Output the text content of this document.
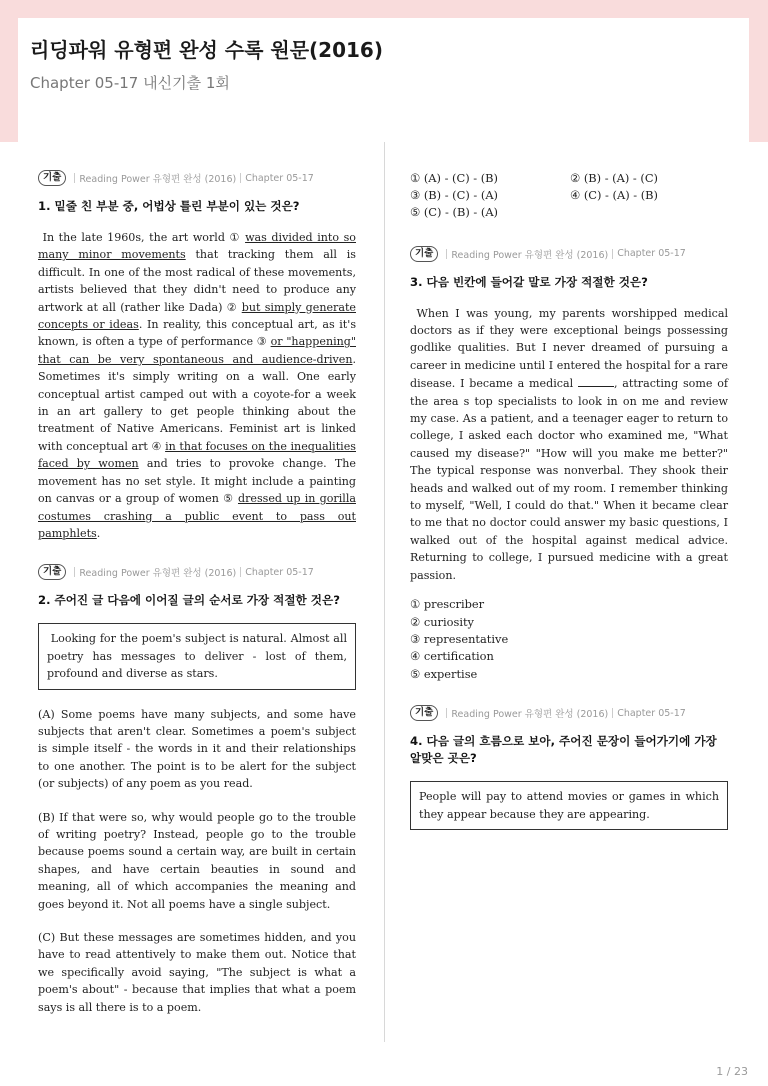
리딩파워 유형편 완성 수록 원문(2016)

Chapter 05-17 내신기출 1회

기출	Reading Power 유형편 완성 (2016) Chapter 05-17
1. 밑줄 친 부분 중, 어법상 틀린 부분이 있는 것은?

In the late 1960s, the art world ① was divided into so many minor movements that tracking them all is difficult. In one of the most radical of these movements, artists believed that they didn't need to produce any artwork at all (rather like Dada) ② but simply generate concepts or ideas. In reality, this conceptual art, as it's known, is often a type of performance ③ or "happening" that can be very spontaneous and audience-driven. Sometimes it's simply writing on a wall. One early conceptual artist camped out with a coyote-for a week in an art gallery to get people thinking about the treatment of Native Americans. Feminist art is linked with conceptual art ④ in that focuses on the inequalities faced by women and tries to provoke change. The movement has no set style. It might include a painting on canvas or a group of women ⑤ dressed up in gorilla costumes crashing a public event to pass out pamphlets.

기출	Reading Power 유형편 완성 (2016) Chapter 05-17
2. 주어진 글 다음에 이어질 글의 순서로 가장 적절한 것은?
Looking for the poem's subject is natural. Almost all poetry has messages to deliver - lost of them, profound and diverse as stars.

(A) Some poems have many subjects, and some have subjects that aren't clear. Sometimes a poem's subject is simple itself - the words in it and their relationships to one another. The point is to be alert for the subject (or subjects) of any poem as you read.

(B) If that were so, why would people go to the trouble of writing poetry? Instead, people go to the trouble because poems sound a certain way, are built in certain shapes, and have certain beauties in sound and meaning, all of which accompanies the meaning and goes beyond it. Not all poems have a single subject.

(C) But these messages are sometimes hidden, and you have to read attentively to make them out. Notice that we specifically avoid saying, "The subject is what a poem's about" - because that implies that what a poem says is all there is to a poem.

① (A) - (C) - (B)	② (B) - (A) - (C)
③ (B) - (C) - (A)	④ (C) - (A) - (B)
⑤ (C) - (B) - (A)
기출	Reading Power 유형편 완성 (2016) Chapter 05-17
3. 다음 빈칸에 들어갈 말로 가장 적절한 것은?

When I was young, my parents worshipped medical doctors as if they were exceptional beings possessing godlike qualities. But I never dreamed of pursuing a career in medicine until I entered the hospital for a rare disease. I became a medical	, attracting some of the area s top specialists to look in on me and review my case. As a patient, and a teenager eager to return to college, I asked each doctor who examined me, "What caused my disease?" "How will you make me better?" The typical response was nonverbal. They shook their heads and walked out of my room. I remember thinking to myself, "Well, I could do that." When it became clear to me that no doctor could answer my basic questions, I walked out of the hospital against medical advice. Returning to college, I pursued medicine with a great passion.

① prescriber
② curiosity
③ representative
④ certification
⑤ expertise
기출	Reading Power 유형편 완성 (2016) Chapter 05-17
4. 다음 글의 흐름으로 보아, 주어진 문장이 들어가기에 가장 알맞은 곳은?
People will pay to attend movies or games in which they appear because they are appearing.
1 / 23
